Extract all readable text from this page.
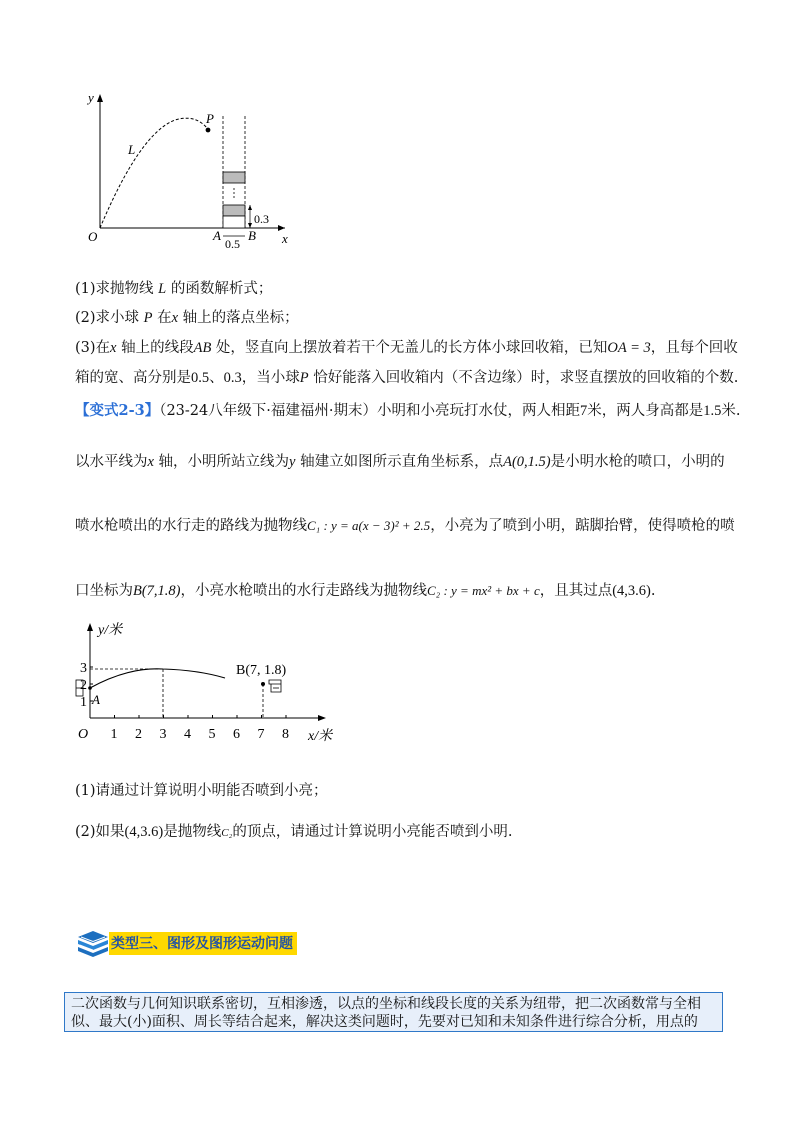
y
x
O
L
P
A B
0.5
0.3
(1)求抛物线 L 的函数解析式；
(2)求小球 P 在x 轴上的落点坐标；
(3)在x 轴上的线段AB 处，竖直向上摆放着若干个无盖儿的长方体小球回收箱，已知OA = 3，且每个回收
箱的宽、高分别是0.5、0.3，当小球P 恰好能落入回收箱内（不含边缘）时，求竖直摆放的回收箱的个数.
【变式2-3】（23-24八年级下·福建福州·期末）小明和小亮玩打水仗，两人相距7米，两人身高都是1.5米.
以水平线为x 轴，小明所站立线为y 轴建立如图所示直角坐标系，点A(0,1.5)是小明水枪的喷口，小明的
喷水枪喷出的水行走的路线为抛物线C₁ : y = a(x − 3)² + 2.5，小亮为了喷到小明，踮脚抬臂，使得喷枪的喷
口坐标为B(7,1.8)，小亮水枪喷出的水行走路线为抛物线C₂ : y = mx² + bx + c，且其过点(4,3.6).
y/米
x/米
O
A
B(7, 1.8)
1 2 3 4 5 6 7 8
1
2
3
(1)请通过计算说明小明能否喷到小亮；
(2)如果(4,3.6)是抛物线C₂的顶点，请通过计算说明小亮能否喷到小明.
类型三、图形及图形运动问题
二次函数与几何知识联系密切，互相渗透，以点的坐标和线段长度的关系为纽带，把二次函数常与全相
似、最大(小)面积、周长等结合起来，解决这类问题时，先要对已知和未知条件进行综合分析，用点的
